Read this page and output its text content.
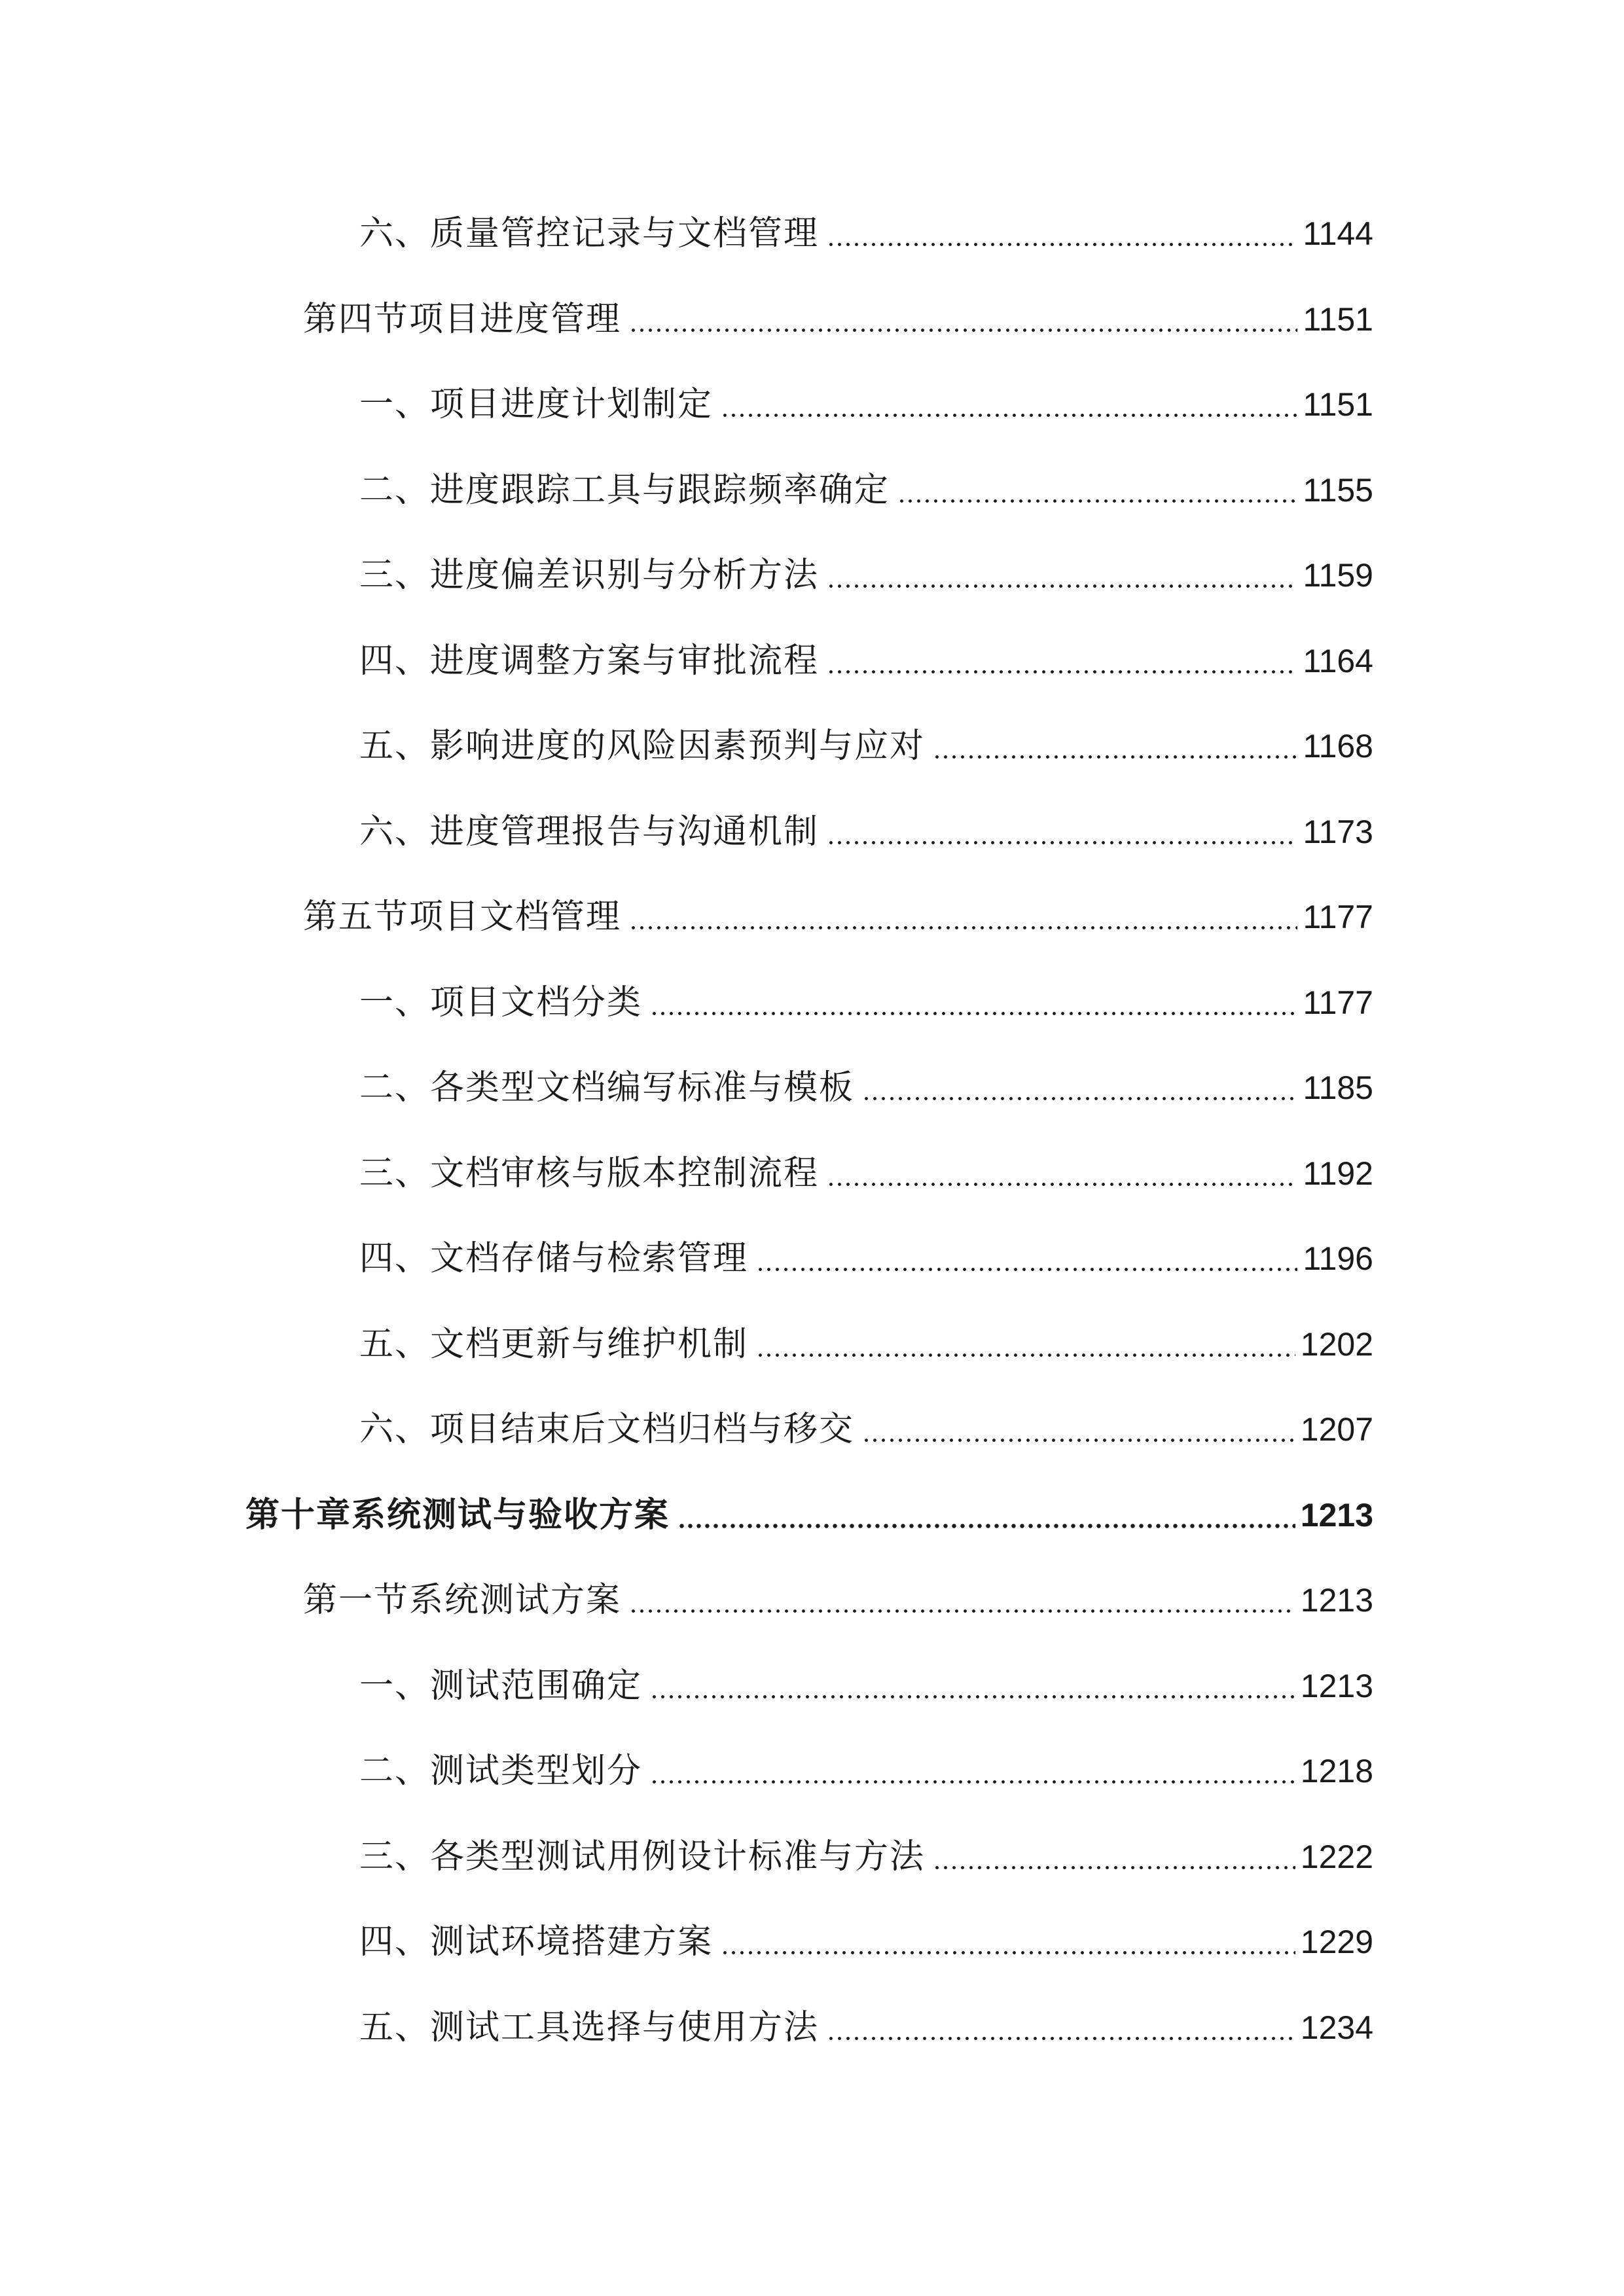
六、质量管控记录与文档管理	1144
第四节项目进度管理	1151
一、项目进度计划制定	1151
二、进度跟踪工具与跟踪频率确定	1155
三、进度偏差识别与分析方法	1159
四、进度调整方案与审批流程	1164
五、影响进度的风险因素预判与应对	1168
六、进度管理报告与沟通机制	1173
第五节项目文档管理	1177
一、项目文档分类	1177
二、各类型文档编写标准与模板	1185
三、文档审核与版本控制流程	1192
四、文档存储与检索管理	1196
五、文档更新与维护机制	1202
六、项目结束后文档归档与移交	1207
第十章系统测试与验收方案	1213
第一节系统测试方案	1213
一、测试范围确定	1213
二、测试类型划分	1218
三、各类型测试用例设计标准与方法	1222
四、测试环境搭建方案	1229
五、测试工具选择与使用方法	1234
